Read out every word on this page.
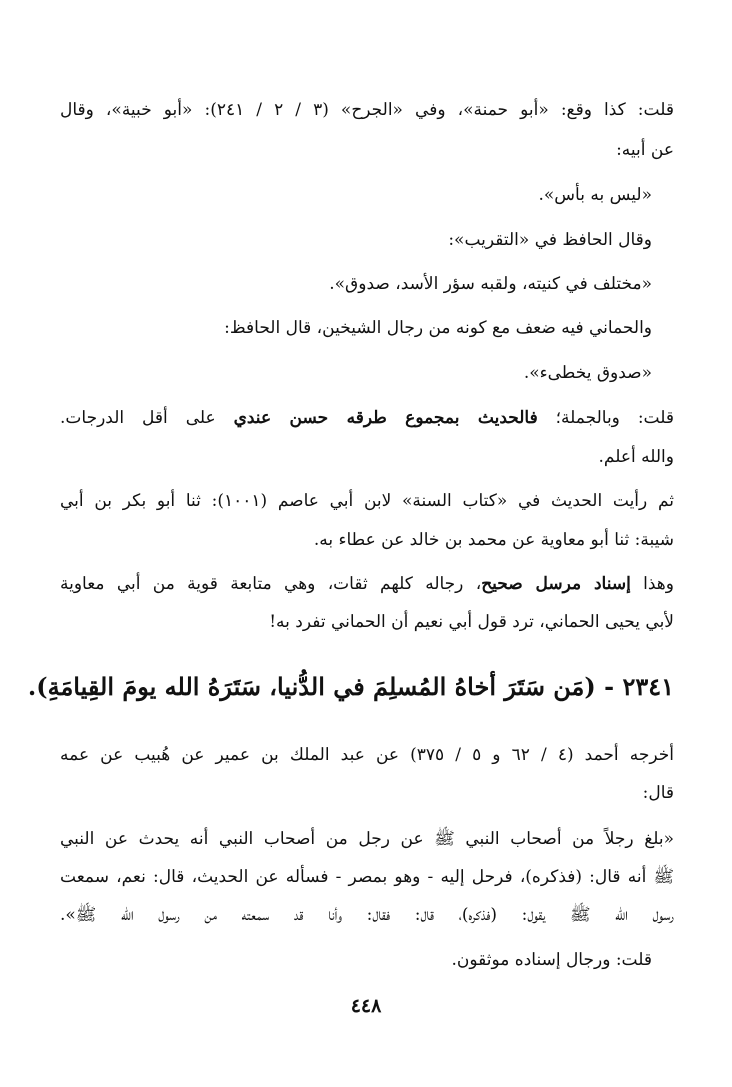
قلت: كذا وقع: «أبو حمنة»، وفي «الجرح» (٣ / ٢ / ٢٤١): «أبو خبية»، وقال

عن أبيه:

«ليس به بأس».

وقال الحافظ في «التقريب»:

«مختلف في كنيته، ولقبه سؤر الأسد، صدوق».

والحماني فيه ضعف مع كونه من رجال الشيخين، قال الحافظ:

«صدوق يخطىء».

قلت: وبالجملة؛ فالحديث بمجموع طرقه حسن عندي على أقل الدرجات.

والله أعلم.

ثم رأيت الحديث في «كتاب السنة» لابن أبي عاصم (١٠٠١): ثنا أبو بكر بن أبي

شيبة: ثنا أبو معاوية عن محمد بن خالد عن عطاء به.

وهذا إسناد مرسل صحيح، رجاله كلهم ثقات، وهي متابعة قوية من أبي معاوية

لأبي يحيى الحماني، ترد قول أبي نعيم أن الحماني تفرد به!

٢٣٤١ - (مَن سَتَرَ أخاهُ المُسلِمَ في الدُّنيا، سَتَرَهُ الله يومَ القِيامَةِ).

أخرجه أحمد (٤ / ٦٢ و ٥ / ٣٧٥) عن عبد الملك بن عمير عن هُبيب عن عمه

قال:

«بلغ رجلاً من أصحاب النبي ﷺ عن رجل من أصحاب النبي أنه يحدث عن النبي

ﷺ أنه قال: (فذكره)، فرحل إليه - وهو بمصر - فسأله عن الحديث، قال: نعم، سمعت

رسول الله ﷺ يقول: (فذكره)، قال: فقال: وأنا قد سمعته من رسول الله ﷺ».

قلت: ورجال إسناده موثقون.

٤٤٨
